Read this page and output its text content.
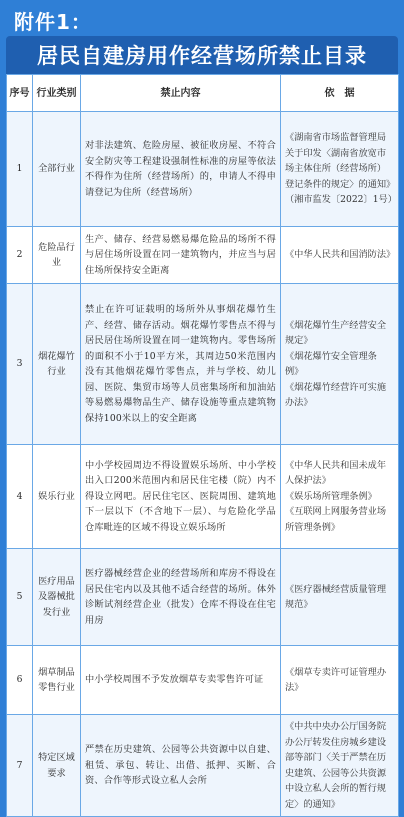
附件1：
居民自建房用作经营场所禁止目录
序号	行业类别	禁止内容	依　据
1	全部行业	对非法建筑、危险房屋、被征收房屋、不符合安全防灾等工程建设强制性标准的房屋等依法不得作为住所（经营场所）的，申请人不得申请登记为住所（经营场所）	《湖南省市场监督管理局关于印发〈湖南省放宽市场主体住所（经营场所）登记条件的规定〉的通知》（湘市监发〔2022〕1号）
2	危险品行业	生产、储存、经营易燃易爆危险品的场所不得与居住场所设置在同一建筑物内，并应当与居住场所保持安全距离	《中华人民共和国消防法》
3	烟花爆竹行业	禁止在许可证载明的场所外从事烟花爆竹生产、经营、储存活动。烟花爆竹零售点不得与居民居住场所设置在同一建筑物内。零售场所的面积不小于10平方米，其周边50米范围内没有其他烟花爆竹零售点，并与学校、幼儿园、医院、集贸市场等人员密集场所和加油站等易燃易爆物品生产、储存设施等重点建筑物保持100米以上的安全距离	《烟花爆竹生产经营安全规定》
《烟花爆竹安全管理条例》
《烟花爆竹经营许可实施办法》
4	娱乐行业	中小学校园周边不得设置娱乐场所、中小学校出入口200米范围内和居民住宅楼（院）内不得设立网吧。居民住宅区、医院周围、建筑地下一层以下（不含地下一层）、与危险化学品仓库毗连的区域不得设立娱乐场所	《中华人民共和国未成年人保护法》
《娱乐场所管理条例》
《互联网上网服务营业场所管理条例》
5	医疗用品及器械批发行业	医疗器械经营企业的经营场所和库房不得设在居民住宅内以及其他不适合经营的场所。体外诊断试剂经营企业（批发）仓库不得设在住宅用房	《医疗器械经营质量管理规范》
6	烟草制品零售行业	中小学校周围不予发放烟草专卖零售许可证	《烟草专卖许可证管理办法》
7	特定区域要求	严禁在历史建筑、公园等公共资源中以自建、租赁、承包、转让、出借、抵押、买断、合资、合作等形式设立私人会所	《中共中央办公厅国务院办公厅转发住房城乡建设部等部门〈关于严禁在历史建筑、公园等公共资源中设立私人会所的暂行规定〉的通知》
